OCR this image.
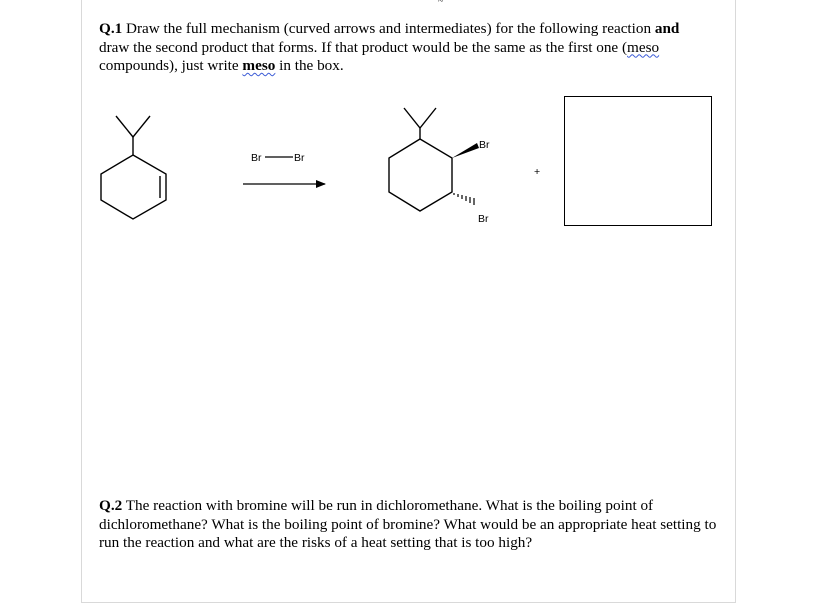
~
Q.1 Draw the full mechanism (curved arrows and intermediates) for the following reaction and
draw the second product that forms. If that product would be the same as the first one (meso
compounds), just write meso in the box.
Br	Br
Br
Br
+
Q.2 The reaction with bromine will be run in dichloromethane. What is the boiling point of dichloromethane? What is the boiling point of bromine? What would be an appropriate heat setting to run the reaction and what are the risks of a heat setting that is too high?
